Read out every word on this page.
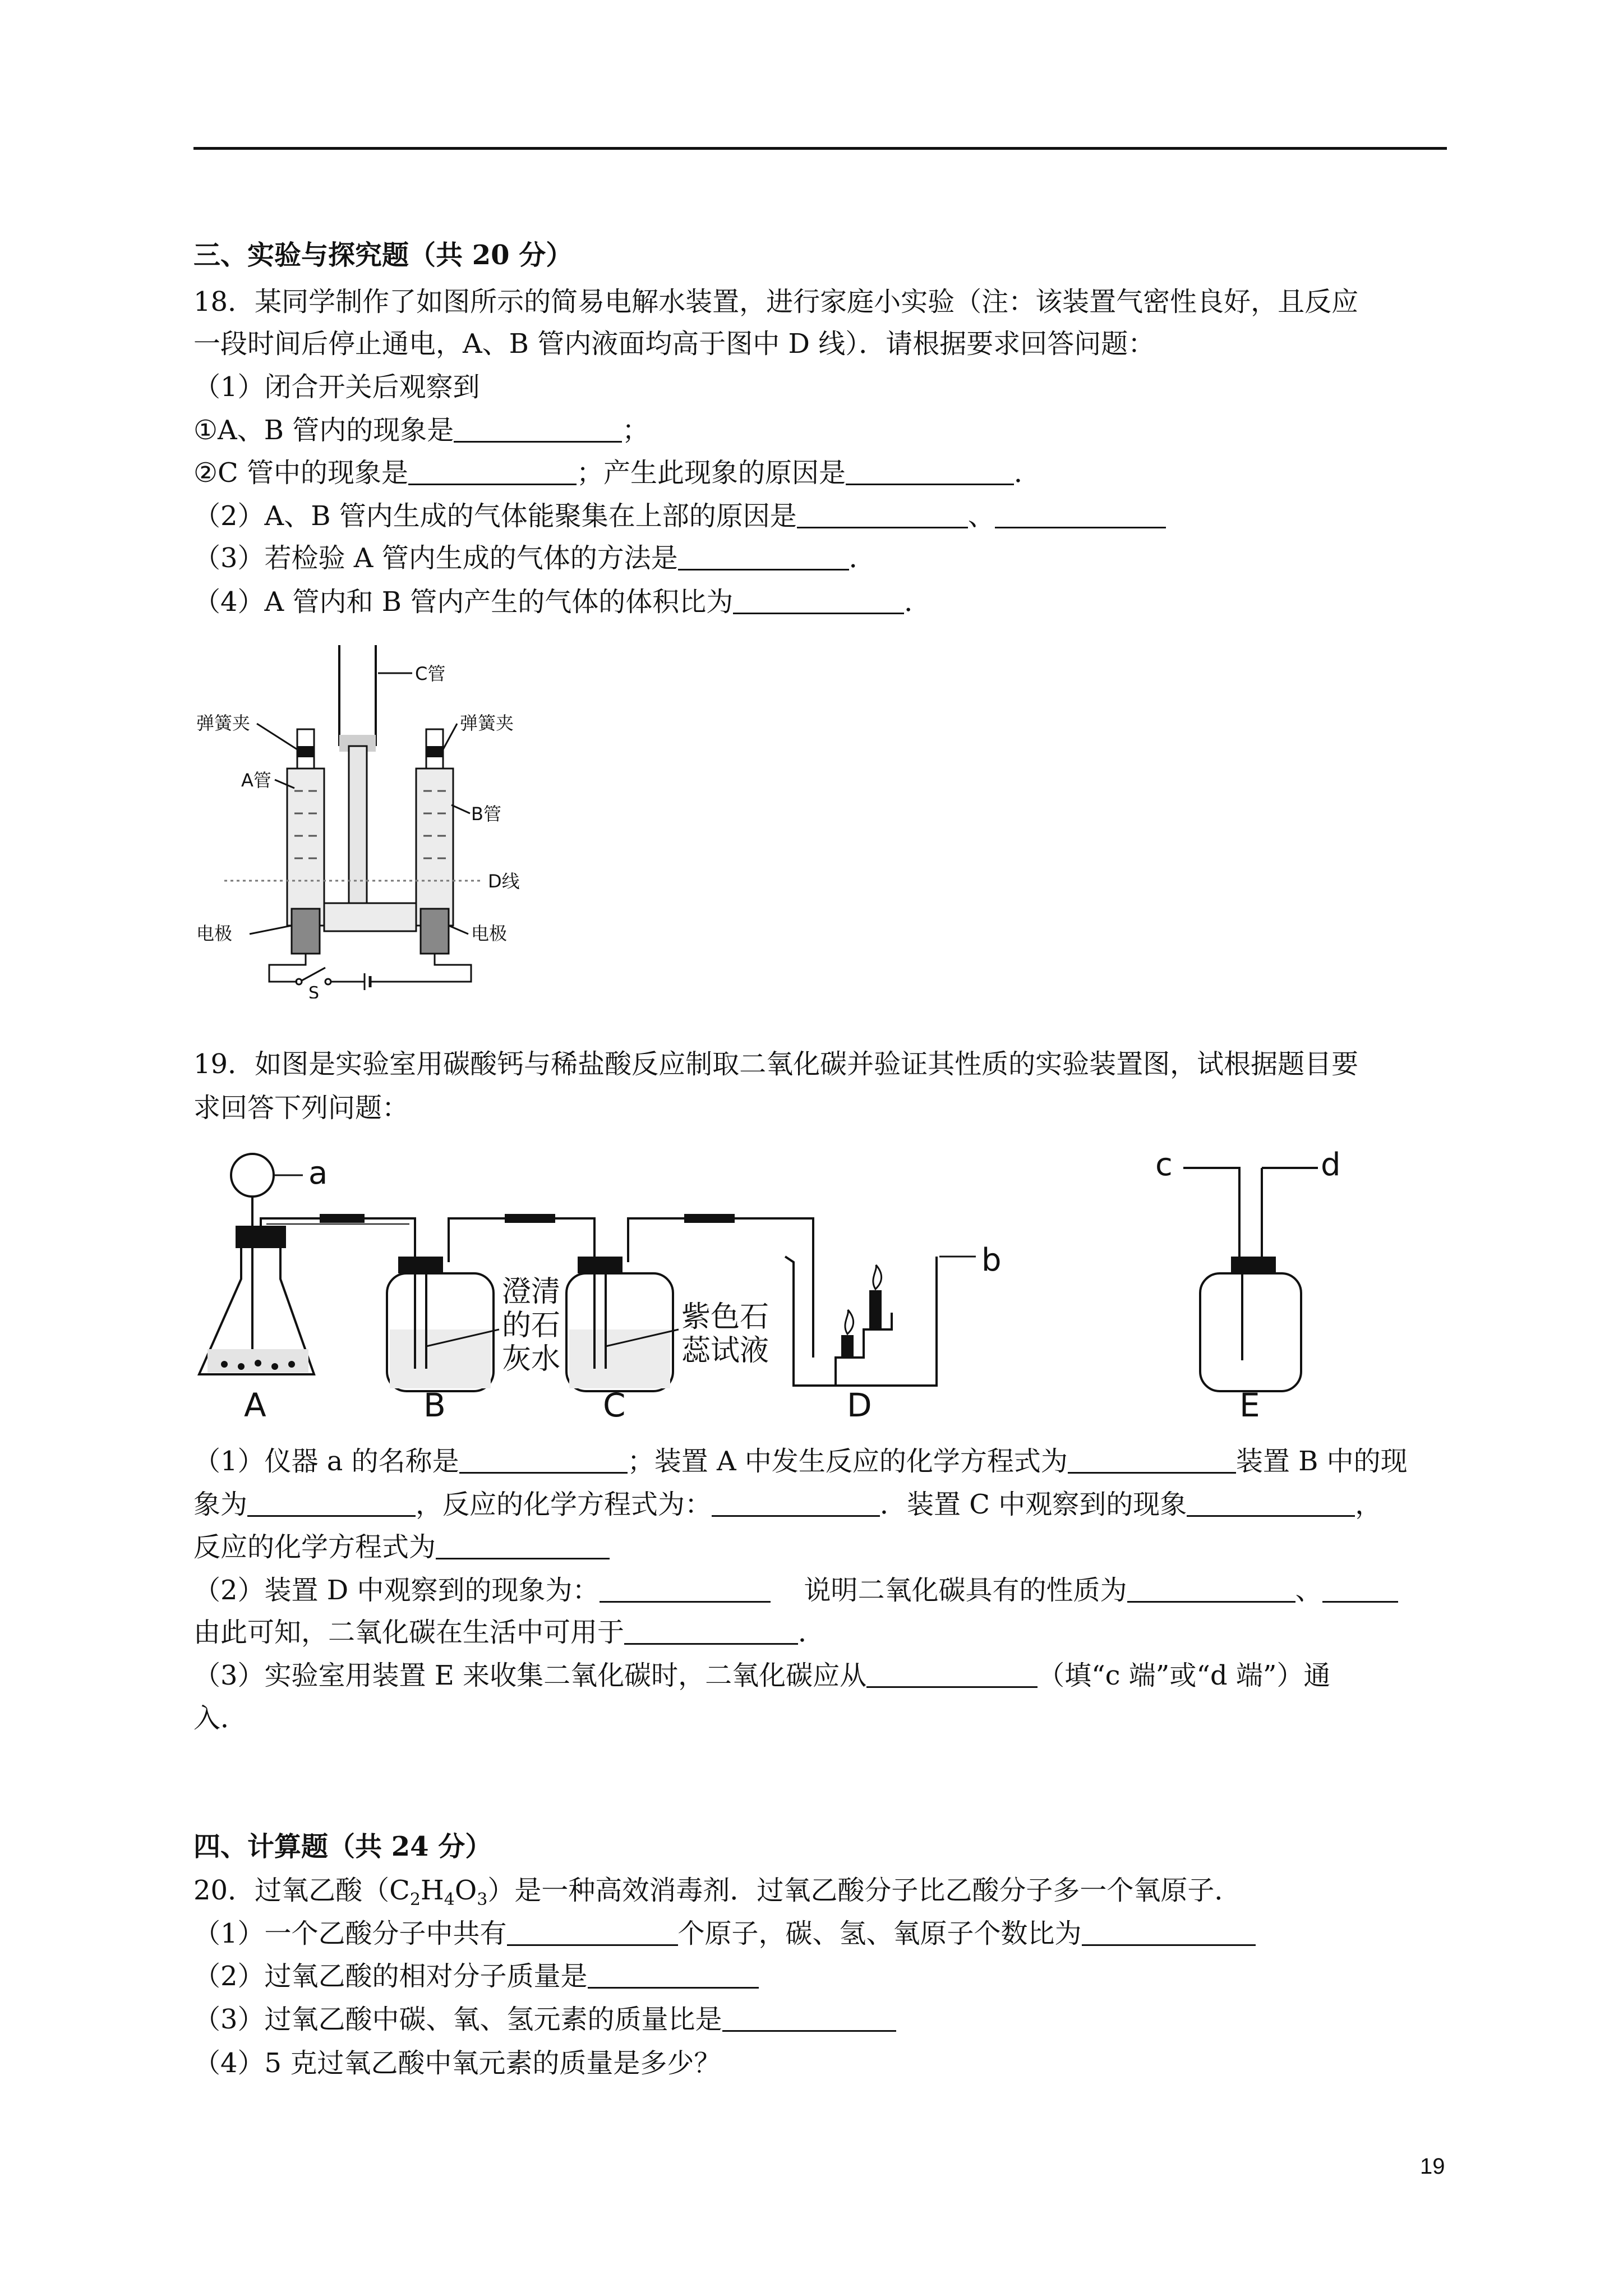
三、实验与探究题（共 20 分）
18．某同学制作了如图所示的简易电解水装置，进行家庭小实验（注：该装置气密性良好，且反应
一段时间后停止通电，A、B 管内液面均高于图中 D 线）．请根据要求回答问题：
（1）闭合开关后观察到
①A、B 管内的现象是	；
②C 管中的现象是	；产生此现象的原因是	．
（2）A、B 管内生成的气体能聚集在上部的原因是	、
（3）若检验 A 管内生成的气体的方法是	．
（4）A 管内和 B 管内产生的气体的体积比为	．
C管
D线
弹簧夹	弹簧夹
A管
B管
电极	电极
S
19．如图是实验室用碳酸钙与稀盐酸反应制取二氧化碳并验证其性质的实验装置图，试根据题目要
求回答下列问题：
a
A
澄清
的石
灰水
B
紫色石
蕊试液
C
b
D
c	d
E
（1）仪器 a 的名称是	；装置 A 中发生反应的化学方程式为	装置 B 中的现
象为	，反应的化学方程式为：	．装置 C 中观察到的现象	，
反应的化学方程式为
（2）装置 D 中观察到的现象为：	说明二氧化碳具有的性质为	、
由此可知，二氧化碳在生活中可用于	．
（3）实验室用装置 E 来收集二氧化碳时，二氧化碳应从	（填“c 端”或“d 端”）通
入．
四、计算题（共 24 分）
20．过氧乙酸$(C_2H_4O_3)$是一种高效消毒剂．过氧乙酸分子比乙酸分子多一个氧原子．
（1）一个乙酸分子中共有	个原子，碳、氢、氧原子个数比为
（2）过氧乙酸的相对分子质量是
（3）过氧乙酸中碳、氧、氢元素的质量比是
（4）5 克过氧乙酸中氧元素的质量是多少？
19
